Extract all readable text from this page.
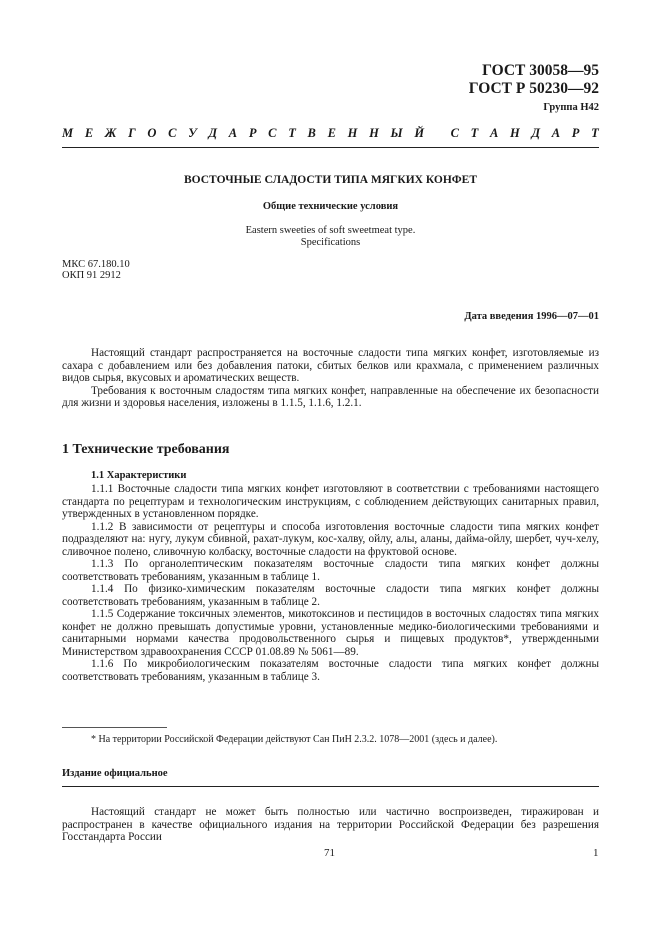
ГОСТ 30058—95
ГОСТ Р 50230—92
Группа Н42
М Е Ж Г О С У Д А Р С Т В Е Н Н Ы Й
С Т А Н Д А Р Т
ВОСТОЧНЫЕ СЛАДОСТИ ТИПА МЯГКИХ КОНФЕТ
Общие технические условия
Eastern sweeties of soft sweetmeat type.
Specifications
МКС 67.180.10
ОКП 91 2912
Дата введения 1996—07—01

Настоящий стандарт распространяется на восточные сладости типа мягких конфет, изготовляемые из сахара с добавлением или без добавления патоки, сбитых белков или крахмала, с применением различных видов сырья, вкусовых и ароматических веществ.

Требования к восточным сладостям типа мягких конфет, направленные на обеспечение их безопасности для жизни и здоровья населения, изложены в 1.1.5, 1.1.6, 1.2.1.

1 Технические требования
1.1 Характеристики

1.1.1 Восточные сладости типа мягких конфет изготовляют в соответствии с требованиями настоящего стандарта по рецептурам и технологическим инструкциям, с соблюдением действующих санитарных правил, утвержденных в установленном порядке.

1.1.2 В зависимости от рецептуры и способа изготовления восточные сладости типа мягких конфет подразделяют на: нугу, лукум сбивной, рахат-лукум, кос-халву, ойлу, алы, аланы, дайма-ойлу, шербет, чуч-хелу, сливочное полено, сливочную колбаску, восточные сладости на фруктовой основе.

1.1.3 По органолептическим показателям восточные сладости типа мягких конфет должны соответствовать требованиям, указанным в таблице 1.

1.1.4 По физико-химическим показателям восточные сладости типа мягких конфет должны соответствовать требованиям, указанным в таблице 2.

1.1.5 Содержание токсичных элементов, микотоксинов и пестицидов в восточных сладостях типа мягких конфет не должно превышать допустимые уровни, установленные медико-биологическими требованиями и санитарными нормами качества продовольственного сырья и пищевых продуктов*, утвержденными Министерством здравоохранения СССР 01.08.89 № 5061—89.

1.1.6 По микробиологическим показателям восточные сладости типа мягких конфет должны соответствовать требованиям, указанным в таблице 3.

* На территории Российской Федерации действуют Сан ПиН 2.3.2. 1078—2001 (здесь и далее).
Издание официальное

Настоящий стандарт не может быть полностью или частично воспроизведен, тиражирован и распространен в качестве официального издания на территории Российской Федерации без разрешения Госстандарта России

71	1
